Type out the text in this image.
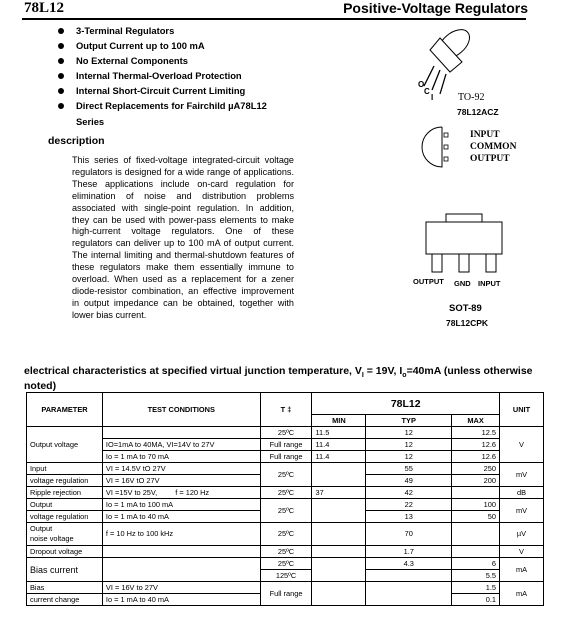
78L12	Positive-Voltage Regulators
3-Terminal Regulators
Output Current up to 100 mA
No External Components
Internal Thermal-Overload Protection
Internal Short-Circuit Current Limiting
Direct Replacements for Fairchild µA78L12
Series
description
This series of fixed-voltage integrated-circuit voltage regulators is designed for a wide range of applications. These applications include on-card regulation for elimination of noise and distribution problems associated with single-point regulation. In addition, they can be used with power-pass elements to make high-current voltage regulators. One of these regulators can deliver up to 100 mA of output current. The internal limiting and thermal-shutdown features of these regulators make them essentially immune to overload. When used as a replacement for a zener diode-resistor combination, an effective improvement in output impedance can be obtained, together with lower bias current.
O
C
I TO-92
78L12ACZ
INPUT
COMMON
OUTPUT
OUTPUT GND INPUT
SOT-89
78L12CPK
electrical characteristics at specified virtual junction temperature, $V_I = 19V$, $I_o=40mA$ (unless otherwise noted)
PARAMETER	TEST CONDITIONS	T ‡	78L12			UNIT
			MIN	TYP	MAX	
Output voltage		25ºC	11.5	12	12.5	V
	IO=1mA to 40MA, VI=14V to 27V	Full range	11.4	12	12.6	
	Io = 1 mA to 70 mA	Full range	11.4	12	12.6	
Input	VI = 14.5V tO 27V	25ºC		55	250	mV
voltage regulation	VI = 16V tO 27V			49	200	
Ripple rejection	VI =15V to 25V, f = 120 Hz	25ºC	37	42		dB
Output	Io = 1 mA to 100 mA	25ºC		22	100	mV
voltage regulation	Io = 1 mA to 40 mA			13	50	

Output
noise voltage	f = 10 Hz to 100 kHz	25ºC		70		µV
Dropout voltage		25ºC		1.7		V
Bias current		25ºC		4.3	6	mA
		125ºC			5.5	
Bias	VI = 16V to 27V	Full range			1.5	mA
current change	Io = 1 mA to 40 mA				0.1	
